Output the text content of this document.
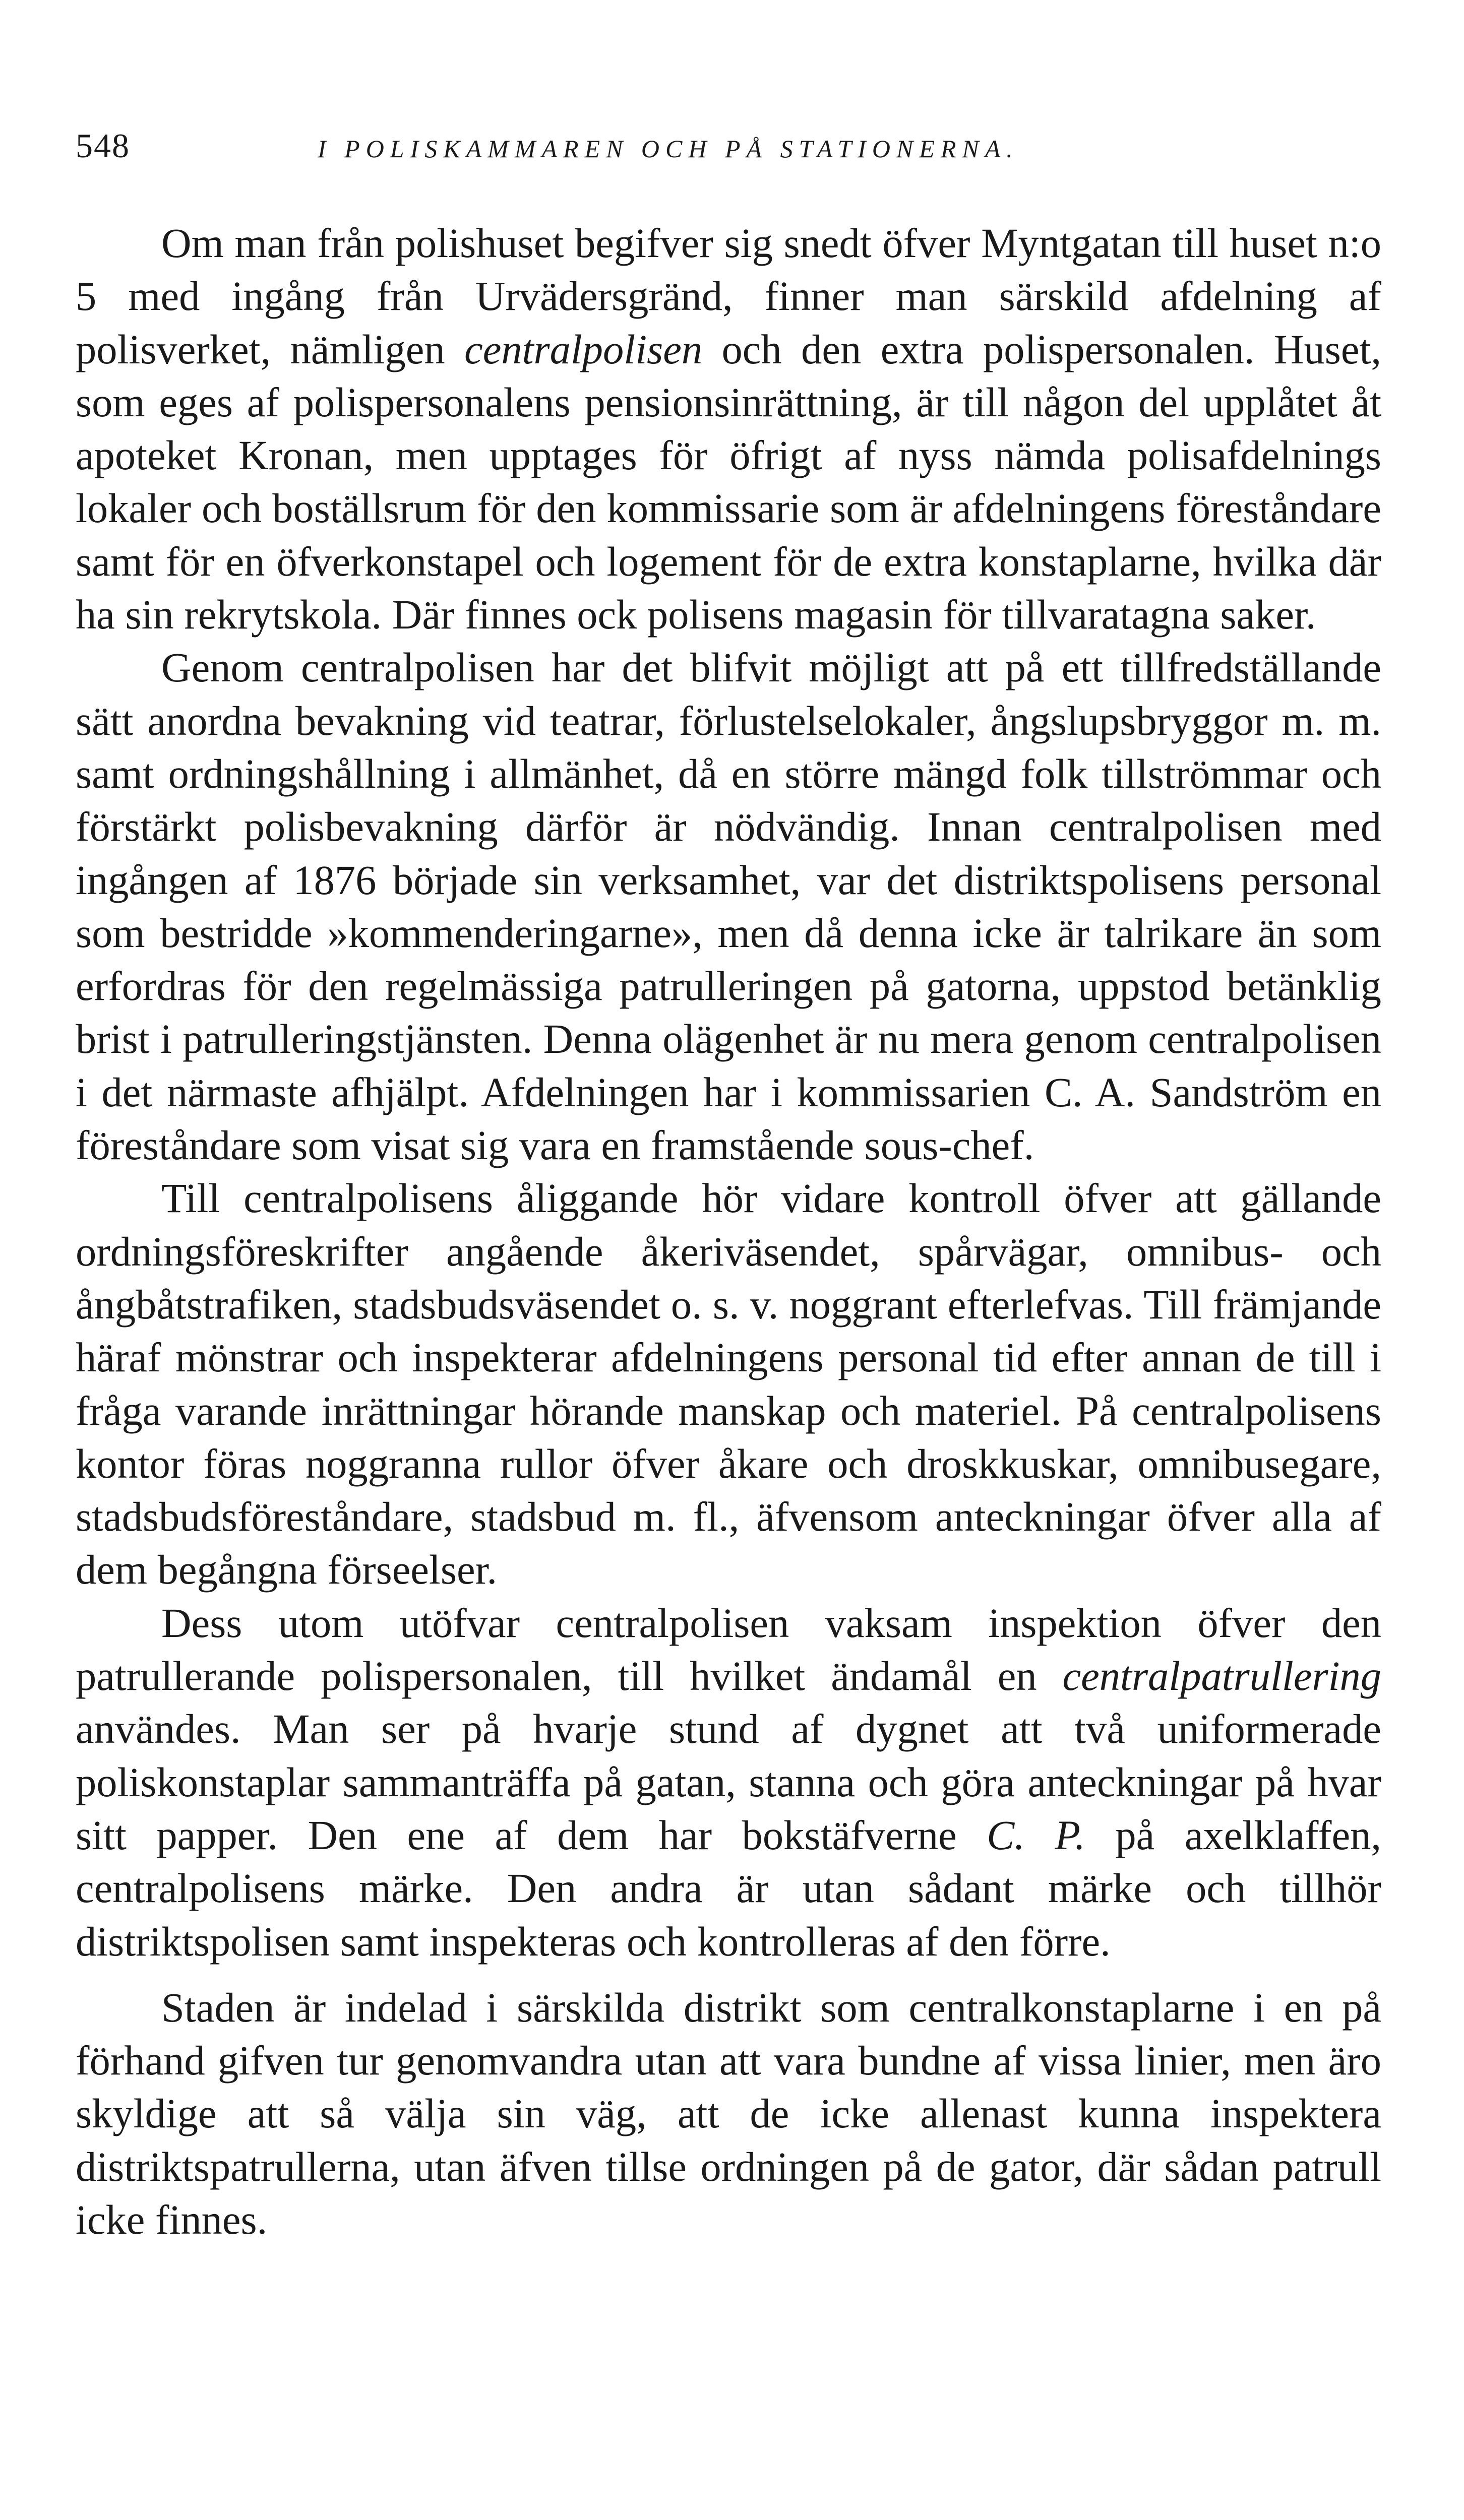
548	I POLISKAMMAREN OCH PÅ STATIONERNA.

Om man från polishuset begifver sig snedt öfver Myntgatan till huset n:o 5 med ingång från Urvädersgränd, finner man särskild afdelning af polisverket, nämligen centralpolisen och den extra polispersonalen. Huset, som eges af polispersonalens pensionsinrättning, är till någon del upplåtet åt apoteket Kronan, men upptages för öfrigt af nyss nämda polisafdelnings lokaler och boställsrum för den kommissarie som är afdelningens föreståndare samt för en öfverkonstapel och logement för de extra konstaplarne, hvilka där ha sin rekrytskola. Där finnes ock polisens magasin för tillvaratagna saker.

Genom centralpolisen har det blifvit möjligt att på ett tillfredställande sätt anordna bevakning vid teatrar, förlustelselokaler, ångslupsbryggor m. m. samt ordningshållning i allmänhet, då en större mängd folk tillströmmar och förstärkt polisbevakning därför är nödvändig. Innan centralpolisen med ingången af 1876 började sin verksamhet, var det distriktspolisens personal som bestridde »kommenderingarne», men då denna icke är talrikare än som erfordras för den regelmässiga patrulleringen på gatorna, uppstod betänklig brist i patrulleringstjänsten. Denna olägenhet är nu mera genom centralpolisen i det närmaste afhjälpt. Afdelningen har i kommissarien C. A. Sandström en föreståndare som visat sig vara en framstående sous-chef.

Till centralpolisens åliggande hör vidare kontroll öfver att gällande ordningsföreskrifter angående åkeriväsendet, spårvägar, omnibus- och ångbåtstrafiken, stadsbudsväsendet o. s. v. noggrant efterlefvas. Till främjande häraf mönstrar och inspekterar afdelningens personal tid efter annan de till i fråga varande inrättningar hörande manskap och materiel. På centralpolisens kontor föras noggranna rullor öfver åkare och droskkuskar, omnibusegare, stadsbudsföreståndare, stadsbud m. fl., äfvensom anteckningar öfver alla af dem begångna förseelser.

Dess utom utöfvar centralpolisen vaksam inspektion öfver den patrullerande polispersonalen, till hvilket ändamål en centralpatrullering användes. Man ser på hvarje stund af dygnet att två uniformerade poliskonstaplar sammanträffa på gatan, stanna och göra anteckningar på hvar sitt papper. Den ene af dem har bokstäfverne C. P. på axelklaffen, centralpolisens märke. Den andra är utan sådant märke och tillhör distriktspolisen samt inspekteras och kontrolleras af den förre.

Staden är indelad i särskilda distrikt som centralkonstaplarne i en på förhand gifven tur genomvandra utan att vara bundne af vissa linier, men äro skyldige att så välja sin väg, att de icke allenast kunna inspektera distriktspatrullerna, utan äfven tillse ordningen på de gator, där sådan patrull icke finnes.
